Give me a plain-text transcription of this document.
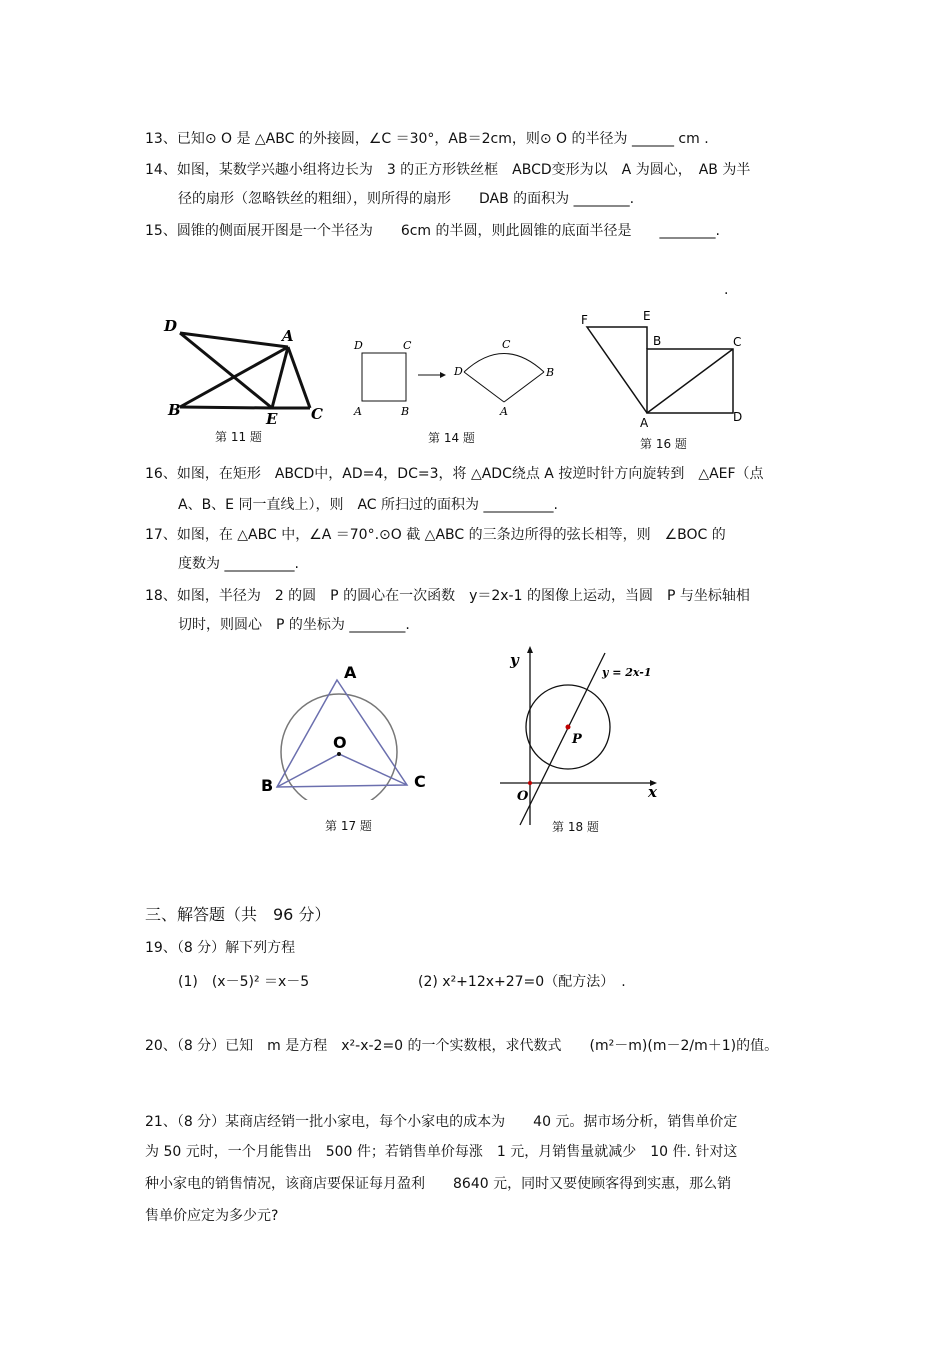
13、已知⊙ O 是 △ABC 的外接圆，∠C ＝30°，AB＝2cm，则⊙ O 的半径为 ______ cm .
14、如图，某数学兴趣小组将边长为　3 的正方形铁丝框　ABCD变形为以　A 为圆心，　AB 为半
径的扇形（忽略铁丝的粗细），则所得的扇形　　DAB 的面积为 ________.
15、圆锥的侧面展开图是一个半径为　　6cm 的半圆，则此圆锥的底面半径是　　________.
.
D
A
B	E C
第 11 题
D	C
A	B
D
C
B
A
第 14 题
F	E
B	C
A	D
第 16 题
16、如图，在矩形　ABCD中，AD=4，DC=3，将 △ADC绕点 A 按逆时针方向旋转到　△AEF（点
A、B、E 同一直线上），则　AC 所扫过的面积为 __________.
17、如图，在 △ABC 中，∠A ＝70°.⊙O 截 △ABC 的三条边所得的弦长相等，则　∠BOC 的
度数为 __________.
18、如图，半径为　2 的圆　P 的圆心在一次函数　y＝2x-1 的图像上运动，当圆　P 与坐标轴相
切时，则圆心　P 的坐标为 ________.
A
O
B	C
第 17 题
y
x
O
P
y = 2x-1
第 18 题
三、解答题（共　96 分）
19、（8 分）解下列方程
(1)　(x－5)² ＝x－5	(2) x²+12x+27=0（配方法）　.
20、（8 分）已知　m 是方程　x²-x-2=0 的一个实数根，求代数式　　(m²－m)(m－2/m＋1)的值。
21、（8 分）某商店经销一批小家电，每个小家电的成本为　　40 元。据市场分析，销售单价定
为 50 元时，一个月能售出　500 件；若销售单价每涨　1 元，月销售量就减少　10 件. 针对这
种小家电的销售情况，该商店要保证每月盈利　　8640 元，同时又要使顾客得到实惠，那么销
售单价应定为多少元?
